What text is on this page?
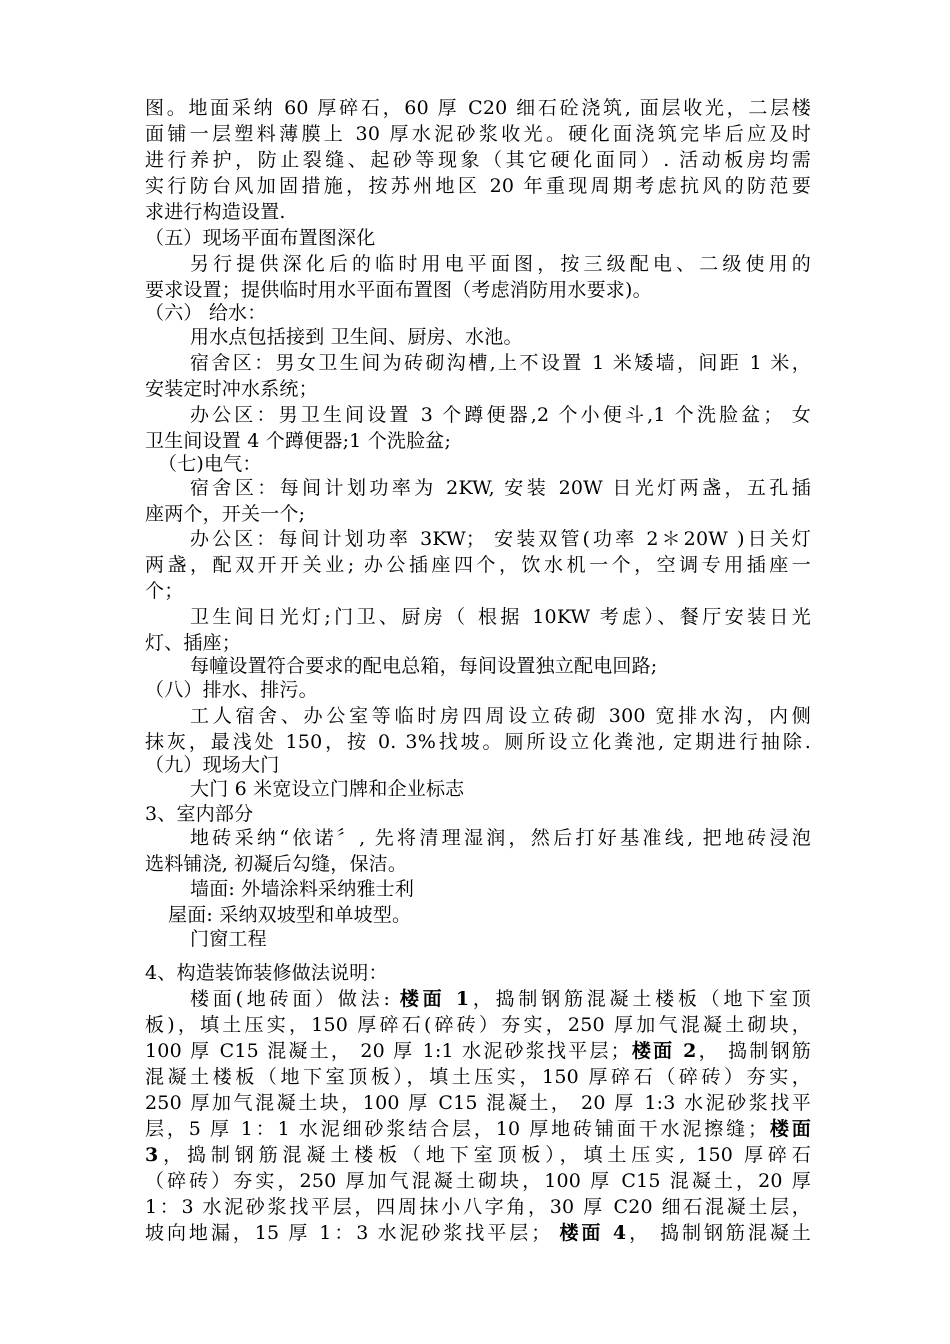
图。地面采纳 60 厚碎石，60 厚 C20 细石砼浇筑, 面层收光，二层楼
面铺一层塑料薄膜上 30 厚水泥砂浆收光。硬化面浇筑完毕后应及时
进行养护，防止裂缝、起砂等现象（其它硬化面同）. 活动板房均需
实行防台风加固措施，按苏州地区 20 年重现周期考虑抗风的防范要
求进行构造设置.
（五）现场平面布置图深化
另行提供深化后的临时用电平面图，按三级配电、二级使用的
要求设置；提供临时用水平面布置图（考虑消防用水要求)。
（六） 给水：
用水点包括接到 卫生间、厨房、水池。
宿舍区：男女卫生间为砖砌沟槽,上不设置 1 米矮墙，间距 1 米，
安装定时冲水系统；
办公区：男卫生间设置 3 个蹲便器,2 个小便斗,1 个洗脸盆； 女
卫生间设置 4 个蹲便器;1 个洗脸盆;
（七)电气：
宿舍区：每间计划功率为 2KW, 安装 20W 日光灯两盏，五孔插
座两个，开关一个;
办公区：每间计划功率 3KW； 安装双管(功率 2＊20W )日关灯
两盏，配双开开关业; 办公插座四个，饮水机一个，空调专用插座一
个；
卫生间日光灯;门卫、厨房（ 根据 10KW 考虑）、餐厅安装日光
灯、插座；
每幢设置符合要求的配电总箱，每间设置独立配电回路;
（八）排水、排污。
工人宿舍、办公室等临时房四周设立砖砌 300 宽排水沟，内侧
抹灰，最浅处 150，按 0. 3%找坡。厕所设立化粪池, 定期进行抽除.
（九）现场大门
大门 6 米宽设立门牌和企业标志
3、室内部分
地砖采纳“依诺〞, 先将清理湿润，然后打好基准线, 把地砖浸泡
选料铺浇, 初凝后勾缝，保洁。
墙面: 外墙涂料采纳雅士利
屋面: 采纳双坡型和单坡型。
门窗工程
4、构造装饰装修做法说明：
楼面(地砖面）做法: 楼面 1，捣制钢筋混凝土楼板（地下室顶
板)，填土压实，150 厚碎石(碎砖）夯实，250 厚加气混凝土砌块，
100 厚 C15 混凝土， 20 厚 1:1 水泥砂浆找平层；楼面 2， 捣制钢筋
混凝土楼板（地下室顶板），填土压实，150 厚碎石（碎砖）夯实，
250 厚加气混凝土块，100 厚 C15 混凝土， 20 厚 1:3 水泥砂浆找平
层，5 厚 1：1 水泥细砂浆结合层，10 厚地砖铺面干水泥擦缝；楼面
3，捣制钢筋混凝土楼板（地下室顶板），填土压实, 150 厚碎石
（碎砖）夯实，250 厚加气混凝土砌块，100 厚 C15 混凝土，20 厚
1：3 水泥砂浆找平层，四周抹小八字角，30 厚 C20 细石混凝土层，
坡向地漏，15 厚 1：3 水泥砂浆找平层； 楼面 4， 捣制钢筋混凝土
